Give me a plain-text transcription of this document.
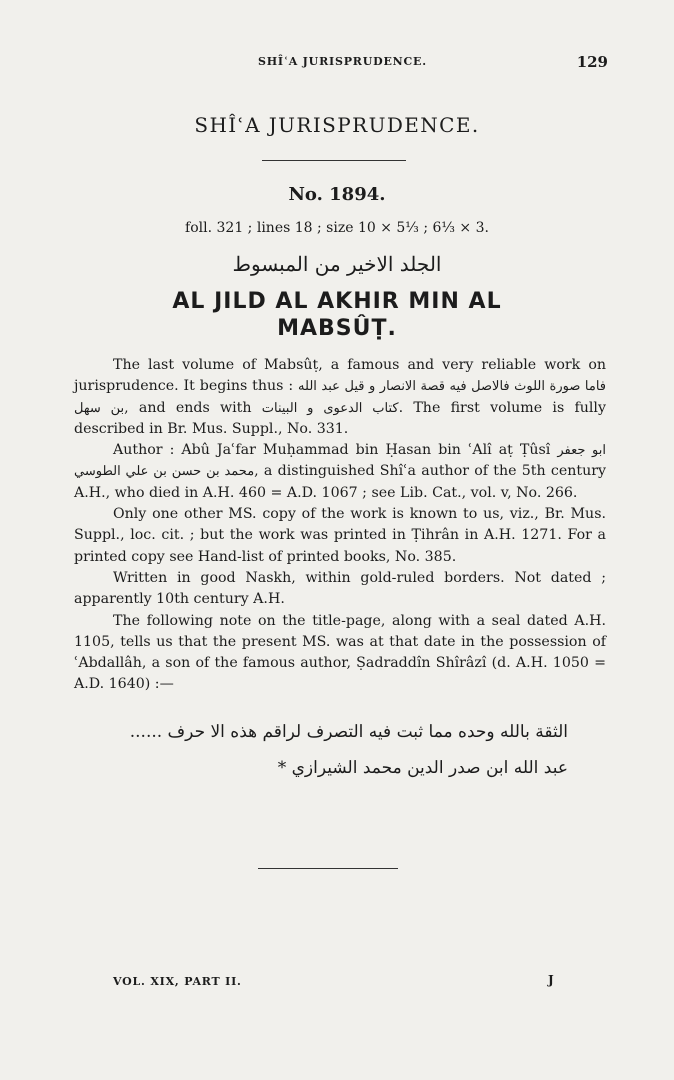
SHÎʿA JURISPRUDENCE.	129
SHÎʿA JURISPRUDENCE.
No. 1894.
foll. 321 ; lines 18 ; size 10 × 5⅓ ; 6⅓ × 3.
الجلد الاخير من المبسوط
AL JILD AL AKHIR MIN AL
MABSÛṬ.

The last volume of Mabsûṭ, a famous and very reliable work on jurisprudence. It begins thus : فاما صورة اللوث فالاصل فيه قصة الانصار و قيل عبد الله بن سهل, and ends with كتاب الدعوى و البينات. The first volume is fully described in Br. Mus. Suppl., No. 331.

Author : Abû Jaʿfar Muḥammad bin Ḥasan bin ʿAlî aṭ Ṭûsî ابو جعفر محمد بن حسن بن علي الطوسي, a distinguished Shîʿa author of the 5th century A.H., who died in A.H. 460 = A.D. 1067 ; see Lib. Cat., vol. v, No. 266.

Only one other MS. copy of the work is known to us, viz., Br. Mus. Suppl., loc. cit. ; but the work was printed in Ṭihrân in A.H. 1271. For a printed copy see Hand-list of printed books, No. 385.

Written in good Naskh, within gold-ruled borders. Not dated ; apparently 10th century A.H.

The following note on the title-page, along with a seal dated A.H. 1105, tells us that the present MS. was at that date in the possession of ʿAbdallâh, a son of the famous author, Ṣadraddîn Shîrâzî (d. A.H. 1050 = A.D. 1640) :—

الثقة بالله وحده مما ثبت فيه التصرف لراقم هذه الا حرف ......
عبد الله ابن صدر الدين محمد الشيرازي *
VOL. XIX, PART II.	J
